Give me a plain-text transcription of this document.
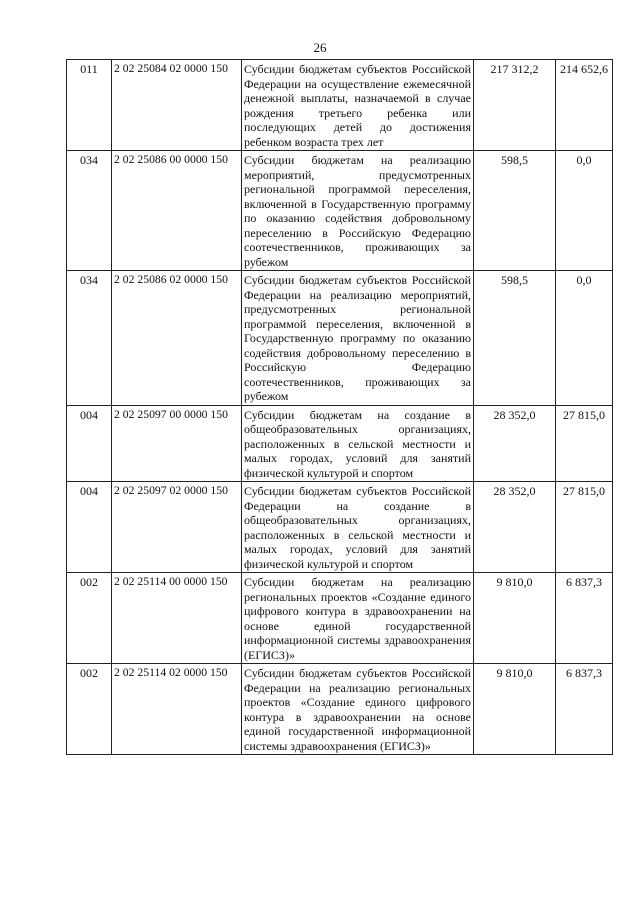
26
011	2 02 25084 02 0000 150	Субсидии бюджетам субъектов Российской Федерации на осуществление ежемесячной денежной выплаты, назначаемой в случае рождения третьего ребенка или последующих детей до достижения ребенком возраста трех лет	217 312,2	214 652,6
034	2 02 25086 00 0000 150	Субсидии бюджетам на реализацию мероприятий, предусмотренных региональной программой переселения, включенной в Государственную программу по оказанию содействия добровольному переселению в Российскую Федерацию соотечественников, проживающих за рубежом	598,5	0,0
034	2 02 25086 02 0000 150	Субсидии бюджетам субъектов Российской Федерации на реализацию мероприятий, предусмотренных региональной программой переселения, включенной в Государственную программу по оказанию содействия добровольному переселению в Российскую Федерацию соотечественников, проживающих за рубежом	598,5	0,0
004	2 02 25097 00 0000 150	Субсидии бюджетам на создание в общеобразовательных организациях, расположенных в сельской местности и малых городах, условий для занятий физической культурой и спортом	28 352,0	27 815,0
004	2 02 25097 02 0000 150	Субсидии бюджетам субъектов Российской Федерации на создание в общеобразовательных организациях, расположенных в сельской местности и малых городах, условий для занятий физической культурой и спортом	28 352,0	27 815,0
002	2 02 25114 00 0000 150	Субсидии бюджетам на реализацию региональных проектов «Создание единого цифрового контура в здравоохранении на основе единой государственной информационной системы здравоохранения (ЕГИСЗ)»	9 810,0	6 837,3
002	2 02 25114 02 0000 150	Субсидии бюджетам субъектов Российской Федерации на реализацию региональных проектов «Создание единого цифрового контура в здравоохранении на основе единой государственной информационной системы здравоохранения (ЕГИСЗ)»	9 810,0	6 837,3
